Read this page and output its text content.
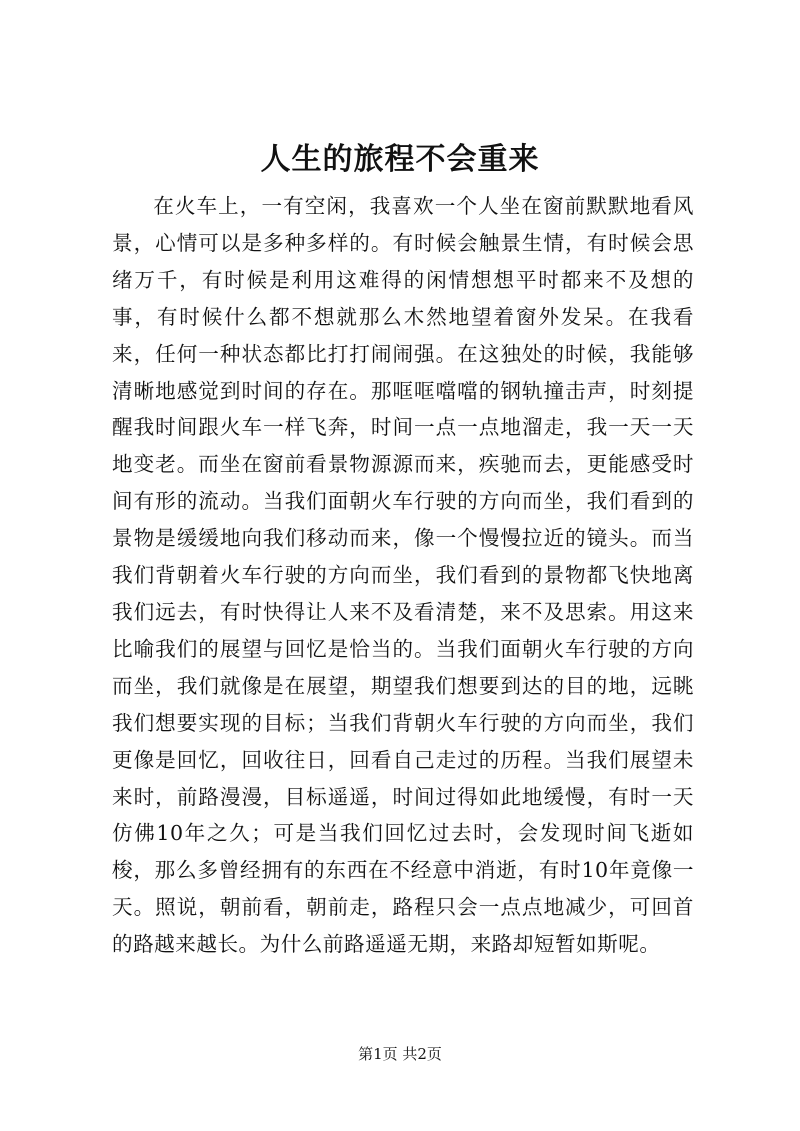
人生的旅程不会重来

在火车上，一有空闲，我喜欢一个人坐在窗前默默地看风景，心情可以是多种多样的。有时候会触景生情，有时候会思绪万千，有时候是利用这难得的闲情想想平时都来不及想的事，有时候什么都不想就那么木然地望着窗外发呆。在我看来，任何一种状态都比打打闹闹强。在这独处的时候，我能够清晰地感觉到时间的存在。那哐哐噹噹的钢轨撞击声，时刻提醒我时间跟火车一样飞奔，时间一点一点地溜走，我一天一天地变老。而坐在窗前看景物源源而来，疾驰而去，更能感受时间有形的流动。当我们面朝火车行驶的方向而坐，我们看到的景物是缓缓地向我们移动而来，像一个慢慢拉近的镜头。而当我们背朝着火车行驶的方向而坐，我们看到的景物都飞快地离我们远去，有时快得让人来不及看清楚，来不及思索。用这来比喻我们的展望与回忆是恰当的。当我们面朝火车行驶的方向而坐，我们就像是在展望，期望我们想要到达的目的地，远眺我们想要实现的目标；当我们背朝火车行驶的方向而坐，我们更像是回忆，回收往日，回看自己走过的历程。当我们展望未来时，前路漫漫，目标遥遥，时间过得如此地缓慢，有时一天仿佛10年之久；可是当我们回忆过去时，会发现时间飞逝如梭，那么多曾经拥有的东西在不经意中消逝，有时10年竟像一天。照说，朝前看，朝前走，路程只会一点点地减少，可回首的路越来越长。为什么前路遥遥无期，来路却短暂如斯呢。

第1页 共2页
